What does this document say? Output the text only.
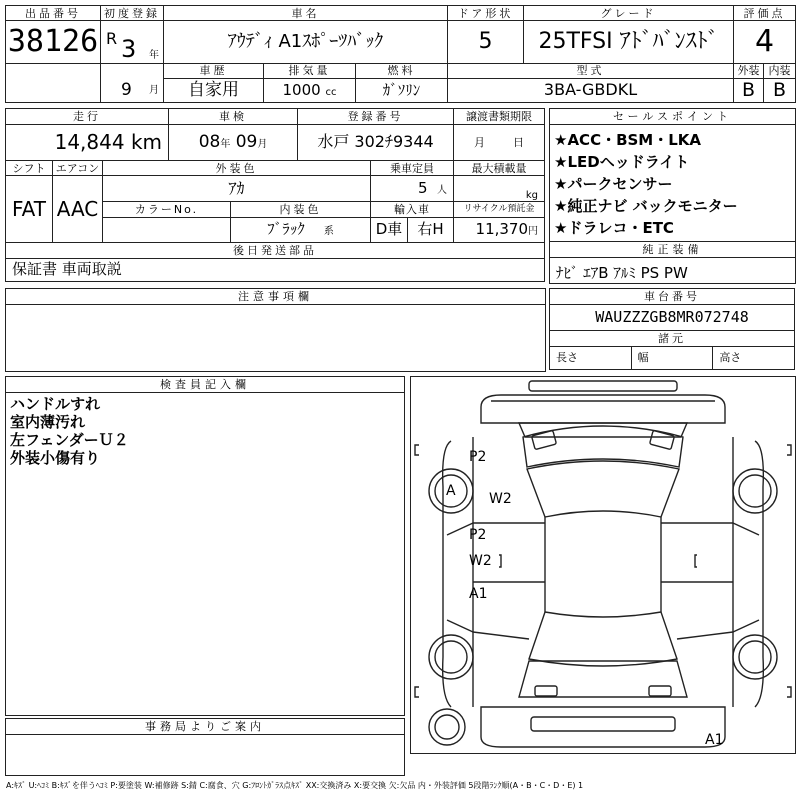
出品番号	初度登録	車名			ドア形状	グレード	評価点	
38126	R 3 年	ｱｳﾃﾞｨ A1ｽﾎﾟｰﾂﾊﾞｯｸ			5	25TFSI ｱﾄﾞﾊﾞﾝｽﾄﾞ	4	

	9 月	車歴	排気量	燃料	型式		外装	内装
		自家用	1000 cc	ｶﾞｿﾘﾝ	3BA-GBDKL		B	B
走行			車検		登録番号			譲渡書類期限
14,844 km			08年 09月		水戸 302ﾁ9344			月 日
シフト	エアコン	外装色				乗車定員		最大積載量
FAT	AAC	ｱｶ				5 人		kg
		カラーNo.		内装色		輸入車		リサイクル預託金
				ﾌﾞﾗｯｸ 系		D車	右H	11,370円
後日発送部品								
保証書 車両取説								
セールスポイント
★ACC・BSM・LKA
★LEDヘッドライト
★パークセンサー
★純正ナビ バックモニター
★ドラレコ・ETC
純正装備
ﾅﾋﾞ ｴｱB ｱﾙﾐ PS PW
注意事項欄	車台番号
WAUZZZGB8MR072748
諸元
長さ	幅	高さ
検査員記入欄
ハンドルすれ
室内薄汚れ
左フェンダーＵ２
外装小傷有り
事務局よりご案内
P2
A W2
P2
W2
A1
A1
A:ｷｽﾞ U:ﾍｺﾐ B:ｷｽﾞを伴うﾍｺﾐ P:要塗装 W:補修跡 S:錆 C:腐食、穴 G:ﾌﾛﾝﾄｶﾞﾗｽ点ｷｽﾞ XX:交換済み X:要交換 欠:欠品 内・外装評価 5段階ﾗﾝｸ順(A・B・C・D・E) 1
